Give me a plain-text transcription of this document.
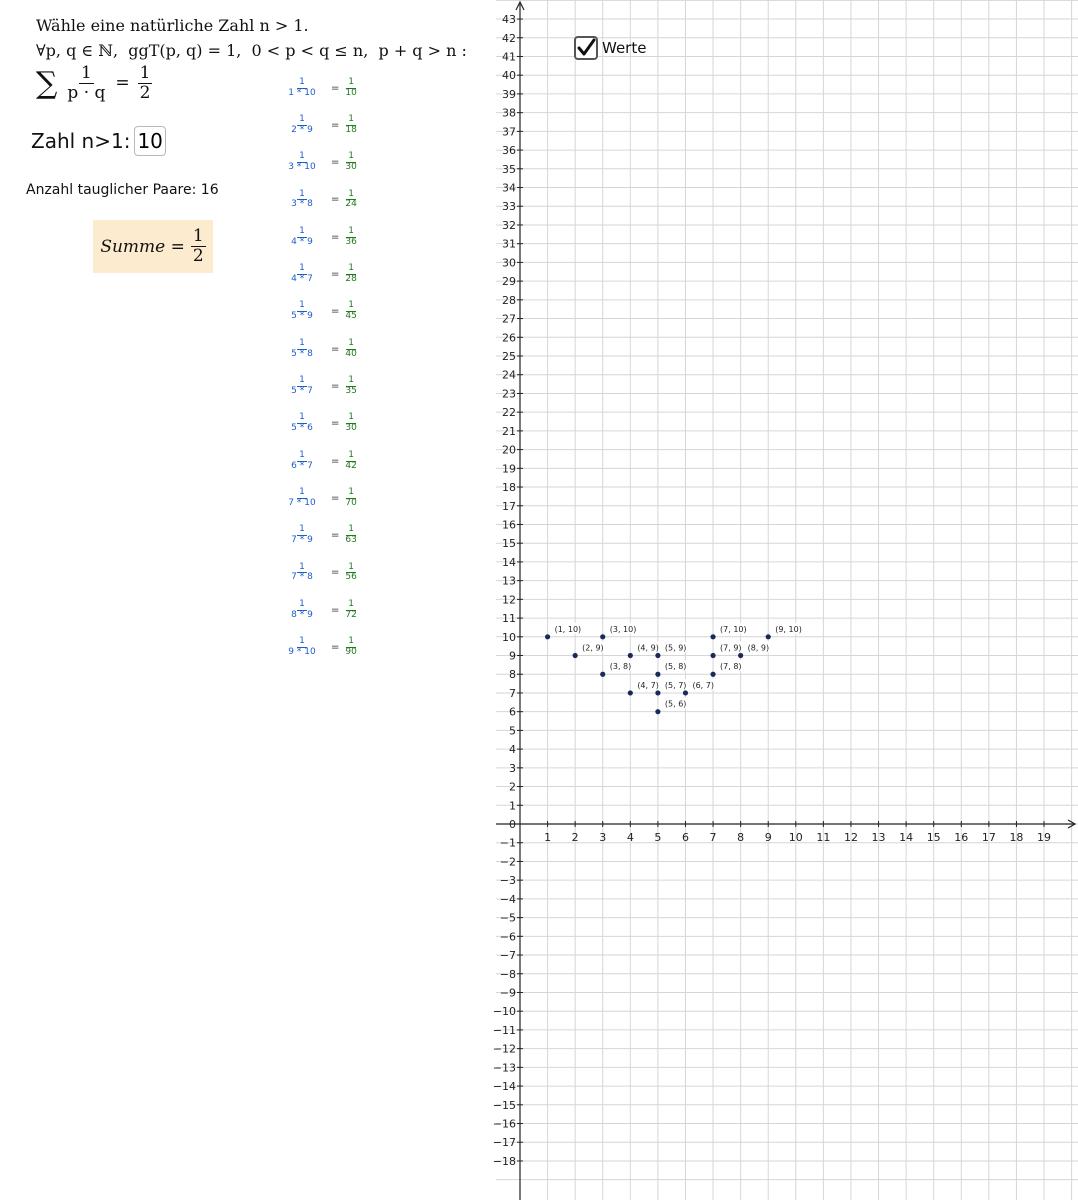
Wähle eine natürliche Zahl n > 1.
∀p, q ∈ ℕ,  ggT(p, q) = 1,  0 < p < q ≤ n,  p + q > n :
∑ $\frac{1}{p \cdot q} = \frac{1}{2}$
Zahl n>1:
10
Anzahl tauglicher Paare: 16
Summe = $\frac{1}{2}$
$\frac{1}{1 * 10} = \frac{1}{10}$
$\frac{1}{2 * 9} = \frac{1}{18}$
$\frac{1}{3 * 10} = \frac{1}{30}$
$\frac{1}{3 * 8} = \frac{1}{24}$
$\frac{1}{4 * 9} = \frac{1}{36}$
$\frac{1}{4 * 7} = \frac{1}{28}$
$\frac{1}{5 * 9} = \frac{1}{45}$
$\frac{1}{5 * 8} = \frac{1}{40}$
$\frac{1}{5 * 7} = \frac{1}{35}$
$\frac{1}{5 * 6} = \frac{1}{30}$
$\frac{1}{6 * 7} = \frac{1}{42}$
$\frac{1}{7 * 10} = \frac{1}{70}$
$\frac{1}{7 * 9} = \frac{1}{63}$
$\frac{1}{7 * 8} = \frac{1}{56}$
$\frac{1}{8 * 9} = \frac{1}{72}$
$\frac{1}{9 * 10} = \frac{1}{90}$
1 2 3 4 5 6 7 8 9 10 11 12 13 14 15 16 17 18 19
−18
−17
−16
−15
−14
−13
−12
−11
−10
−9
−8
−7
−6
−5
−4
−3
−2
−1
0
1
2
3
4
5
6
7
8
9
10
11
12
13
14
15
16
17
18
19
20
21
22
23
24
25
26
27
28
29
30
31
32
33
34
35
36
37
38
39
40
41
42
43
(1, 10)
(2, 9)
(3, 10)
(3, 8)
(4, 9)
(4, 7)
(5, 9)
(5, 8)
(5, 7)
(5, 6)
(6, 7)
(7, 10)
(7, 9)
(7, 8)
(8, 9)
(9, 10)
Werte
